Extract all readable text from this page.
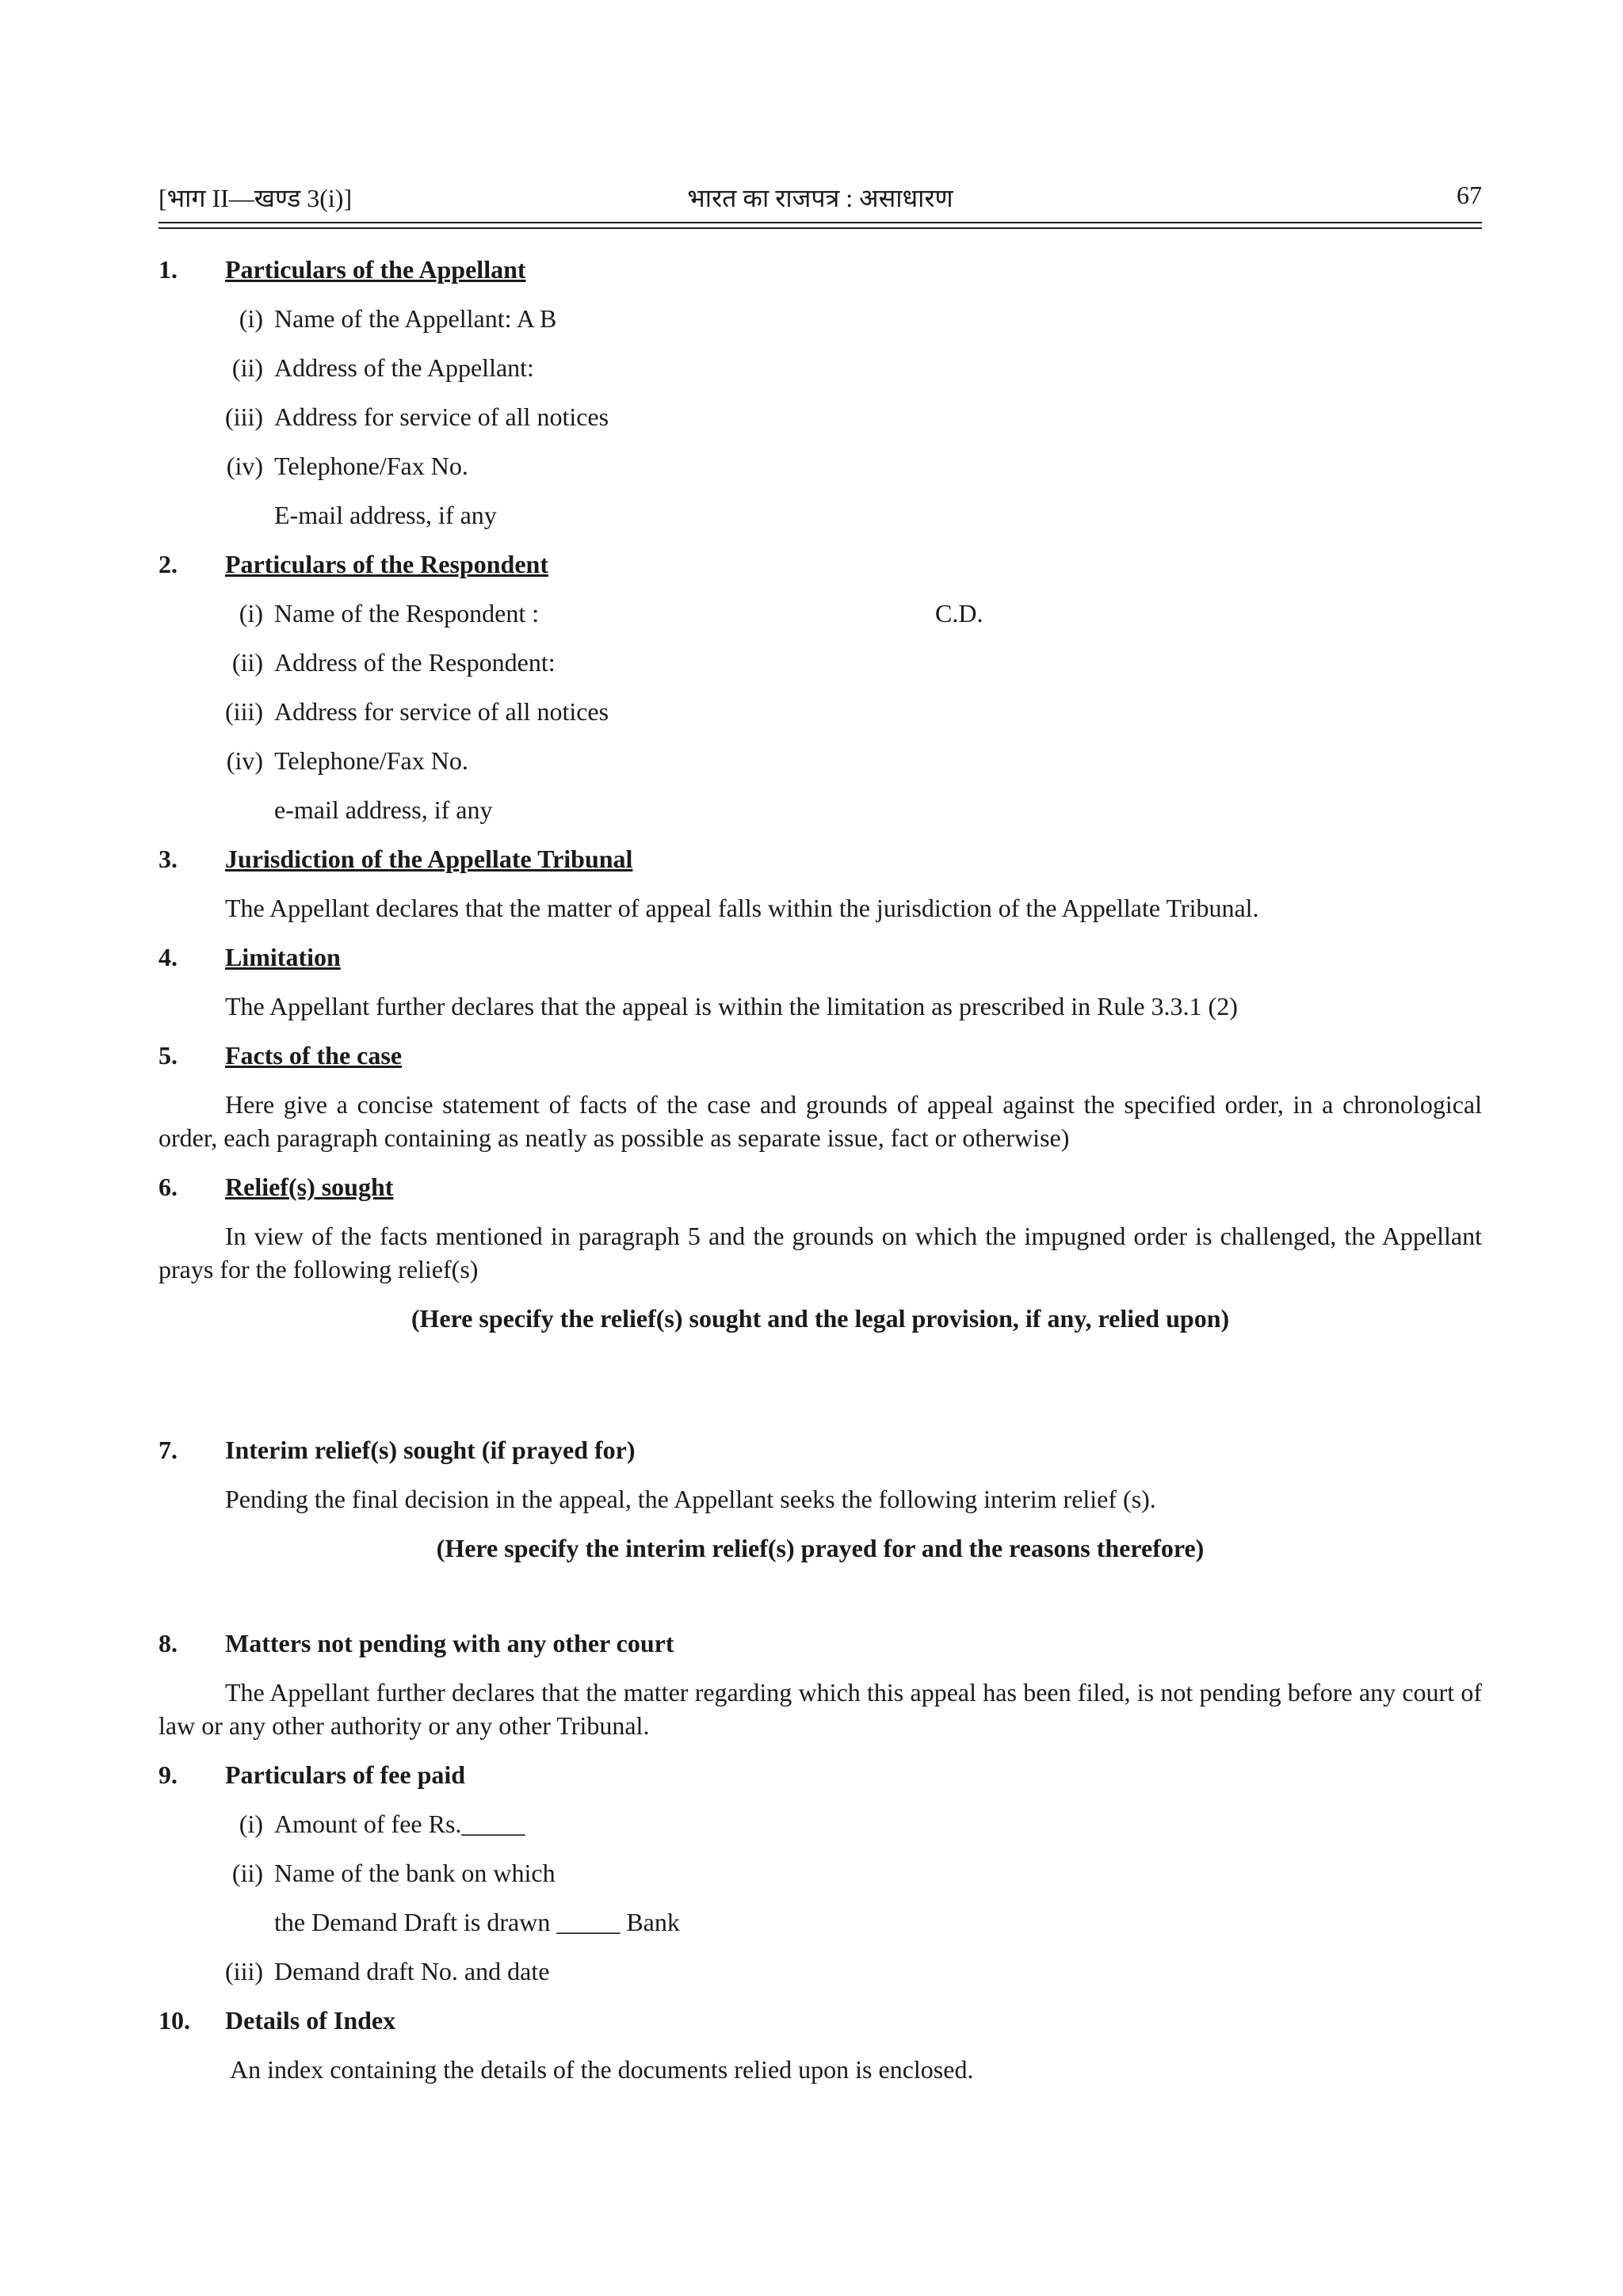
[भाग II—खण्ड 3(i)]	भारत का राजपत्र : असाधारण	67
1.	Particulars of the Appellant
(i) Name of the Appellant: A B
(ii) Address of the Appellant:
(iii) Address for service of all notices
(iv) Telephone/Fax No.
E-mail address, if any
2.	Particulars of the Respondent
(i) Name of the Respondent :	C.D.
(ii) Address of the Respondent:
(iii) Address for service of all notices
(iv) Telephone/Fax No.
e-mail address, if any
3.	Jurisdiction of the Appellate Tribunal
The Appellant declares that the matter of appeal falls within the jurisdiction of the Appellate Tribunal.
4.	Limitation
The Appellant further declares that the appeal is within the limitation as prescribed in Rule 3.3.1 (2)
5.	Facts of the case
Here give a concise statement of facts of the case and grounds of appeal against the specified order, in a chronological order, each paragraph containing as neatly as possible as separate issue, fact or otherwise)
6.	Relief(s) sought
In view of the facts mentioned in paragraph 5 and the grounds on which the impugned order is challenged, the Appellant prays for the following relief(s)
(Here specify the relief(s) sought and the legal provision, if any, relied upon)
7.	Interim relief(s) sought (if prayed for)
Pending the final decision in the appeal, the Appellant seeks the following interim relief (s).
(Here specify the interim relief(s) prayed for and the reasons therefore)
8.	Matters not pending with any other court
The Appellant further declares that the matter regarding which this appeal has been filed, is not pending before any court of law or any other authority or any other Tribunal.
9.	Particulars of fee paid
(i) Amount of fee Rs._____
(ii) Name of the bank on which
the Demand Draft is drawn _____ Bank
(iii) Demand draft No. and date
10.	Details of Index
An index containing the details of the documents relied upon is enclosed.
